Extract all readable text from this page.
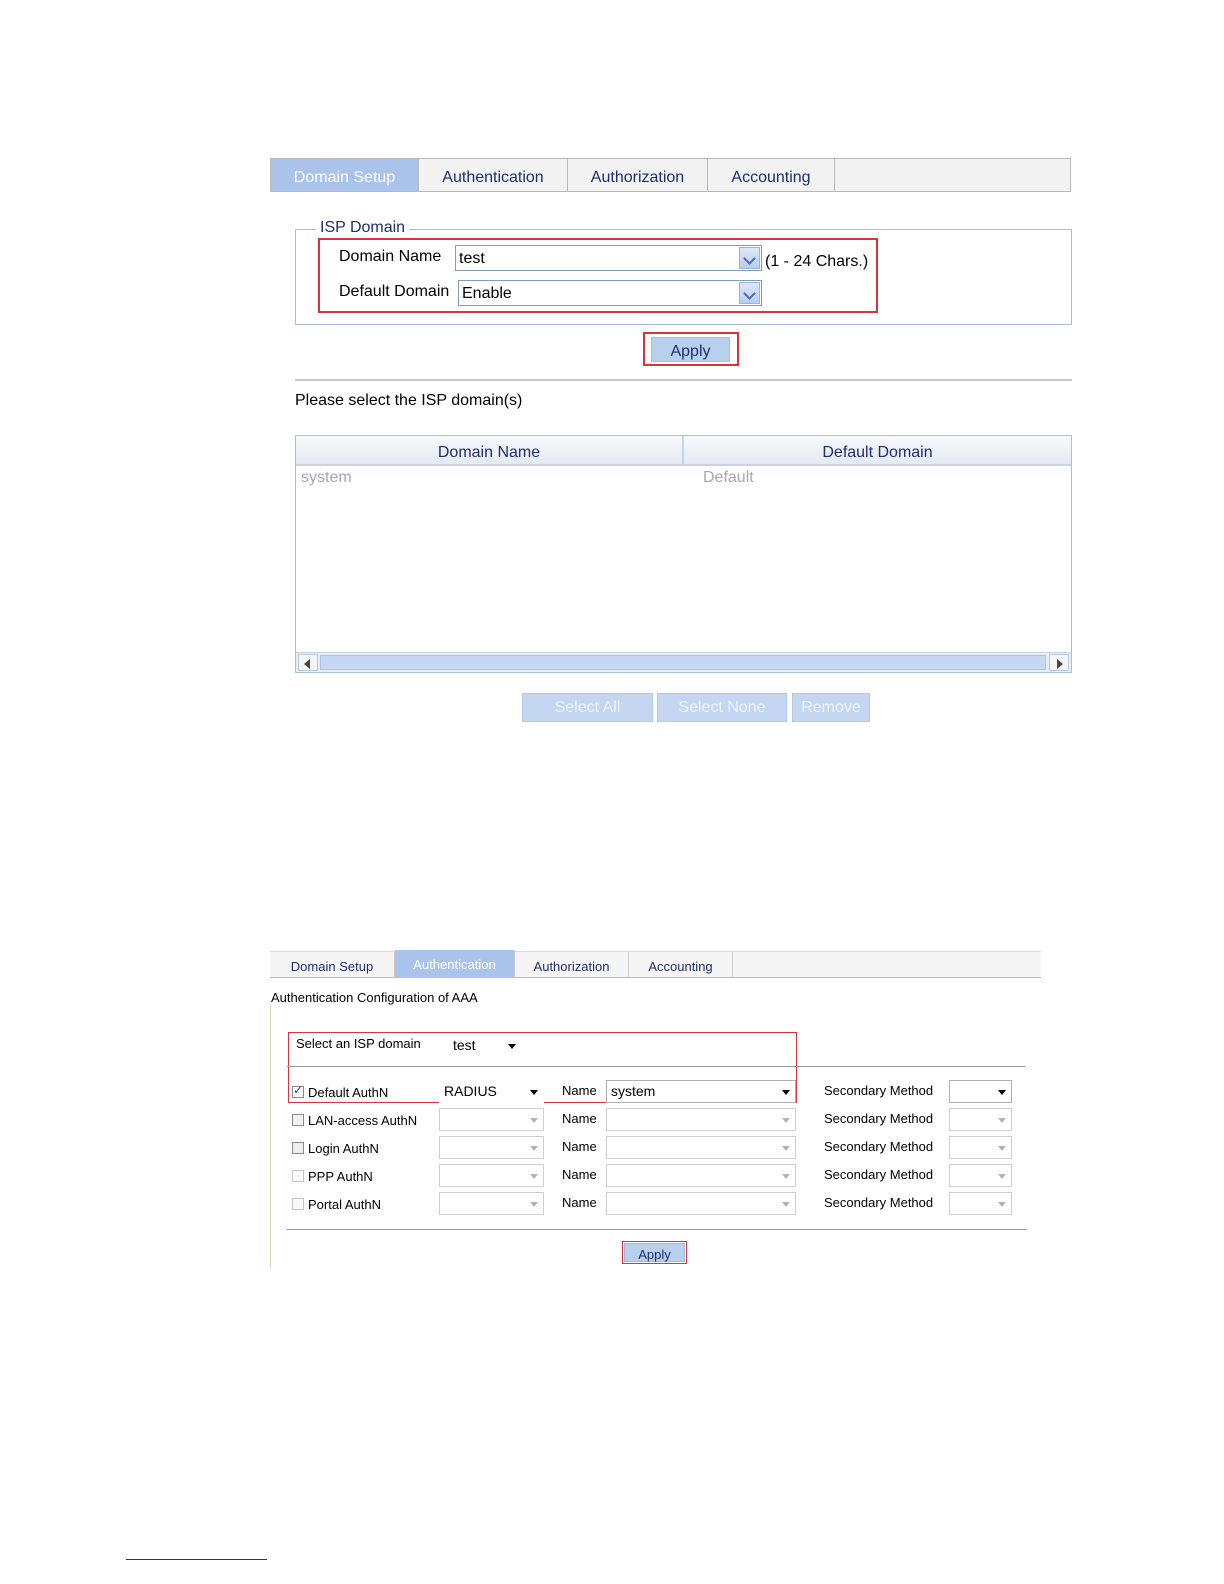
Domain Setup	Authentication	Authorization	Accounting
ISP Domain
Domain Name test	(1 - 24 Chars.)
Default Domain Enable
Apply
Please select the ISP domain(s)
Domain Name	Default Domain
system	Default
Select All	Select None	Remove
Domain Setup	Authentication	Authorization	Accounting
Authentication Configuration of AAA
Select an ISP domain	test
✓
Default AuthN	RADIUS	Name	system	Secondary Method
LAN-access AuthN	Name	Secondary Method
Login AuthN	Name	Secondary Method
PPP AuthN	Name	Secondary Method
Portal AuthN	Name	Secondary Method
Apply
